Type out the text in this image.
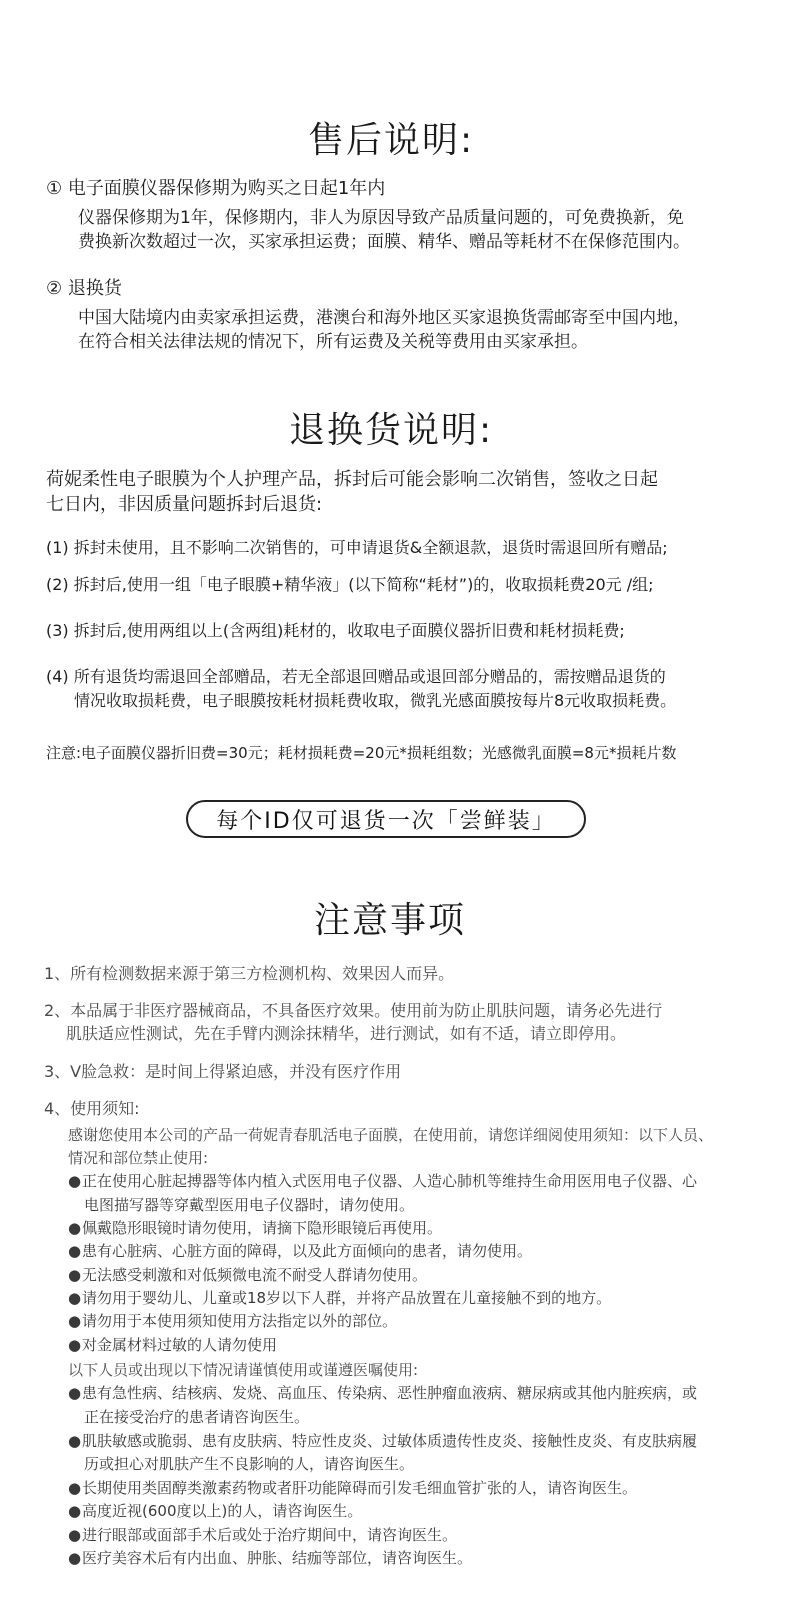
售后说明:
① 电子面膜仪器保修期为购买之日起1年内
仪器保修期为1年，保修期内，非人为原因导致产品质量问题的，可免费换新，免
费换新次数超过一次，买家承担运费；面膜、精华、赠品等耗材不在保修范围内。
② 退换货
中国大陆境内由卖家承担运费，港澳台和海外地区买家退换货需邮寄至中国内地，
在符合相关法律法规的情况下，所有运费及关税等费用由买家承担。
退换货说明:
荷妮柔性电子眼膜为个人护理产品，拆封后可能会影响二次销售，签收之日起
七日内，非因质量问题拆封后退货:
(1) 拆封未使用，且不影响二次销售的，可申请退货&全额退款，退货时需退回所有赠品;
(2) 拆封后,使用一组「电子眼膜+精华液」(以下简称“耗材”)的，收取损耗费20元 /组;
(3) 拆封后,使用两组以上(含两组)耗材的，收取电子面膜仪器折旧费和耗材损耗费;
(4) 所有退货均需退回全部赠品，若无全部退回赠品或退回部分赠品的，需按赠品退货的
情况收取损耗费，电子眼膜按耗材损耗费收取，微乳光感面膜按每片8元收取损耗费。
注意:电子面膜仪器折旧费=30元；耗材损耗费=20元*损耗组数；光感微乳面膜=8元*损耗片数
每个ID仅可退货一次「尝鲜装」
注意事项
1、所有检测数据来源于第三方检测机构、效果因人而异。
2、本品属于非医疗器械商品，不具备医疗效果。使用前为防止肌肤问题，请务必先进行
肌肤适应性测试，先在手臂内测涂抹精华，进行测试，如有不适，请立即停用。
3、V脸急救：是时间上得紧迫感，并没有医疗作用
4、使用须知:
感谢您使用本公司的产品一荷妮青春肌活电子面膜，在使用前，请您详细阅使用须知：以下人员、
情况和部位禁止使用:
●正在使用心脏起搏器等体内植入式医用电子仪器、人造心肺机等维持生命用医用电子仪器、心
电图描写器等穿戴型医用电子仪器时，请勿使用。
●佩戴隐形眼镜时请勿使用，请摘下隐形眼镜后再使用。
●患有心脏病、心脏方面的障碍，以及此方面倾向的患者，请勿使用。
●无法感受刺激和对低频微电流不耐受人群请勿使用。
●请勿用于婴幼儿、儿童或18岁以下人群，并将产品放置在儿童接触不到的地方。
●请勿用于本使用须知使用方法指定以外的部位。
●对金属材料过敏的人请勿使用
以下人员或出现以下情况请谨慎使用或谨遵医嘱使用:
●患有急性病、结核病、发烧、高血压、传染病、恶性肿瘤血液病、糖尿病或其他内脏疾病，或
正在接受治疗的患者请咨询医生。
●肌肤敏感或脆弱、患有皮肤病、特应性皮炎、过敏体质遗传性皮炎、接触性皮炎、有皮肤病履
历或担心对肌肤产生不良影响的人，请咨询医生。
●长期使用类固醇类激素药物或者肝功能障碍而引发毛细血管扩张的人，请咨询医生。
●高度近视(600度以上)的人，请咨询医生。
●进行眼部或面部手术后或处于治疗期间中，请咨询医生。
●医疗美容术后有内出血、肿胀、结痂等部位，请咨询医生。
